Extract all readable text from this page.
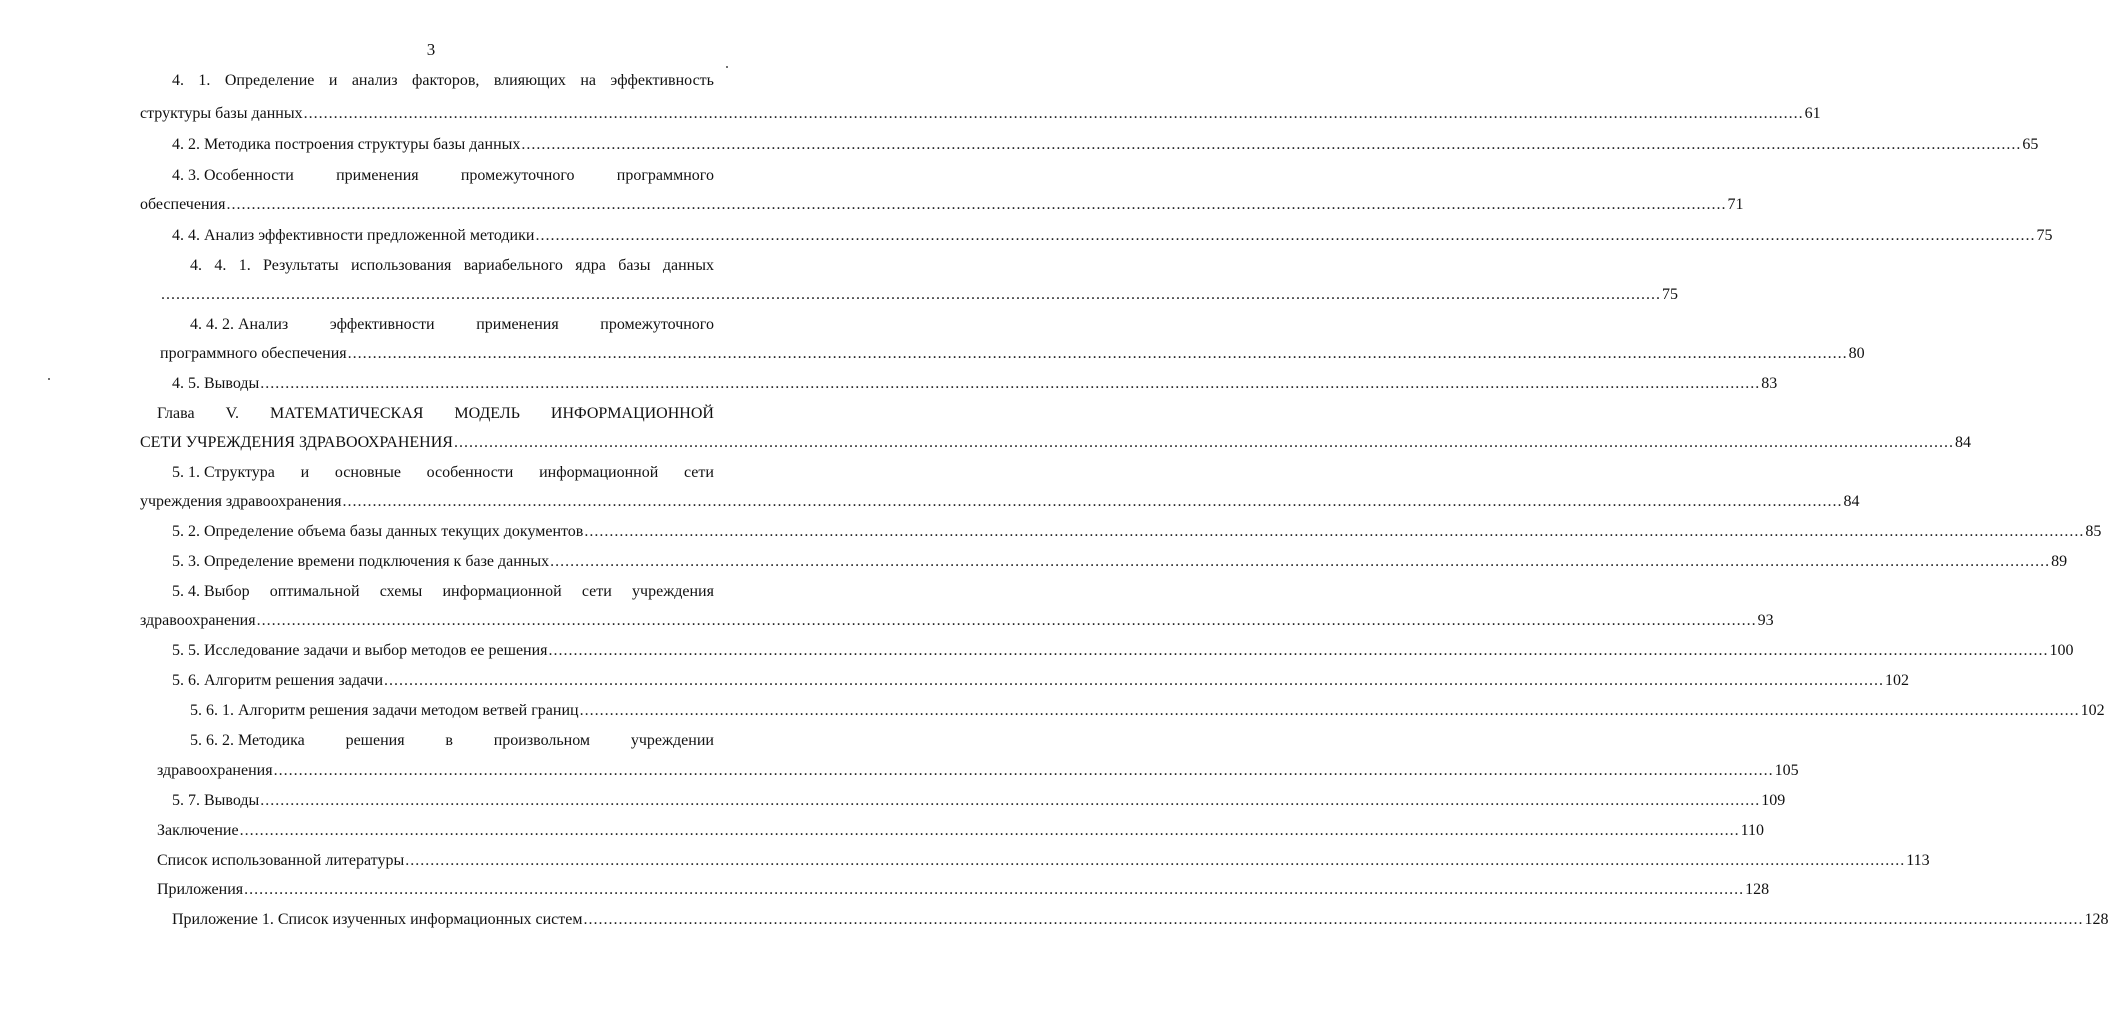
3
4. 1. Определение и анализ факторов, влияющих на эффективность
структуры базы данных ............................................................................................................................................................................................................................................................................................................ 61
4. 2. Методика построения структуры базы данных ............................................................................................................................................................................................................................................................................................................ 65
4. 3. Особенности	применения	промежуточного	программного
обеспечения ............................................................................................................................................................................................................................................................................................................ 71
4. 4. Анализ эффективности предложенной методики ............................................................................................................................................................................................................................................................................................................ 75
4. 4. 1. Результаты использования вариабельного ядра базы данных
............................................................................................................................................................................................................................................................................................................ 75
4. 4. 2. Анализ	эффективности	применения	промежуточного
программного обеспечения ............................................................................................................................................................................................................................................................................................................ 80
4. 5. Выводы ............................................................................................................................................................................................................................................................................................................ 83
Глава V. МАТЕМАТИЧЕСКАЯ МОДЕЛЬ ИНФОРМАЦИОННОЙ
СЕТИ УЧРЕЖДЕНИЯ ЗДРАВООХРАНЕНИЯ ............................................................................................................................................................................................................................................................................................................ 84
5. 1. Структура и основные особенности информационной сети
учреждения здравоохранения ............................................................................................................................................................................................................................................................................................................ 84
5. 2. Определение объема базы данных текущих документов ............................................................................................................................................................................................................................................................................................................ 85
5. 3. Определение времени подключения к базе данных ............................................................................................................................................................................................................................................................................................................ 89
5. 4. Выбор оптимальной схемы информационной сети учреждения
здравоохранения ............................................................................................................................................................................................................................................................................................................ 93
5. 5. Исследование задачи и выбор методов ее решения ............................................................................................................................................................................................................................................................................................................ 100
5. 6. Алгоритм решения задачи ............................................................................................................................................................................................................................................................................................................ 102
5. 6. 1. Алгоритм решения задачи методом ветвей границ ............................................................................................................................................................................................................................................................................................................ 102
5. 6. 2. Методика	решения	в	произвольном	учреждении
здравоохранения ............................................................................................................................................................................................................................................................................................................ 105
5. 7. Выводы ............................................................................................................................................................................................................................................................................................................ 109
Заключение ............................................................................................................................................................................................................................................................................................................ 110
Список использованной литературы ............................................................................................................................................................................................................................................................................................................ 113
Приложения ............................................................................................................................................................................................................................................................................................................ 128
Приложение 1. Список изученных информационных систем ............................................................................................................................................................................................................................................................................................................ 128
